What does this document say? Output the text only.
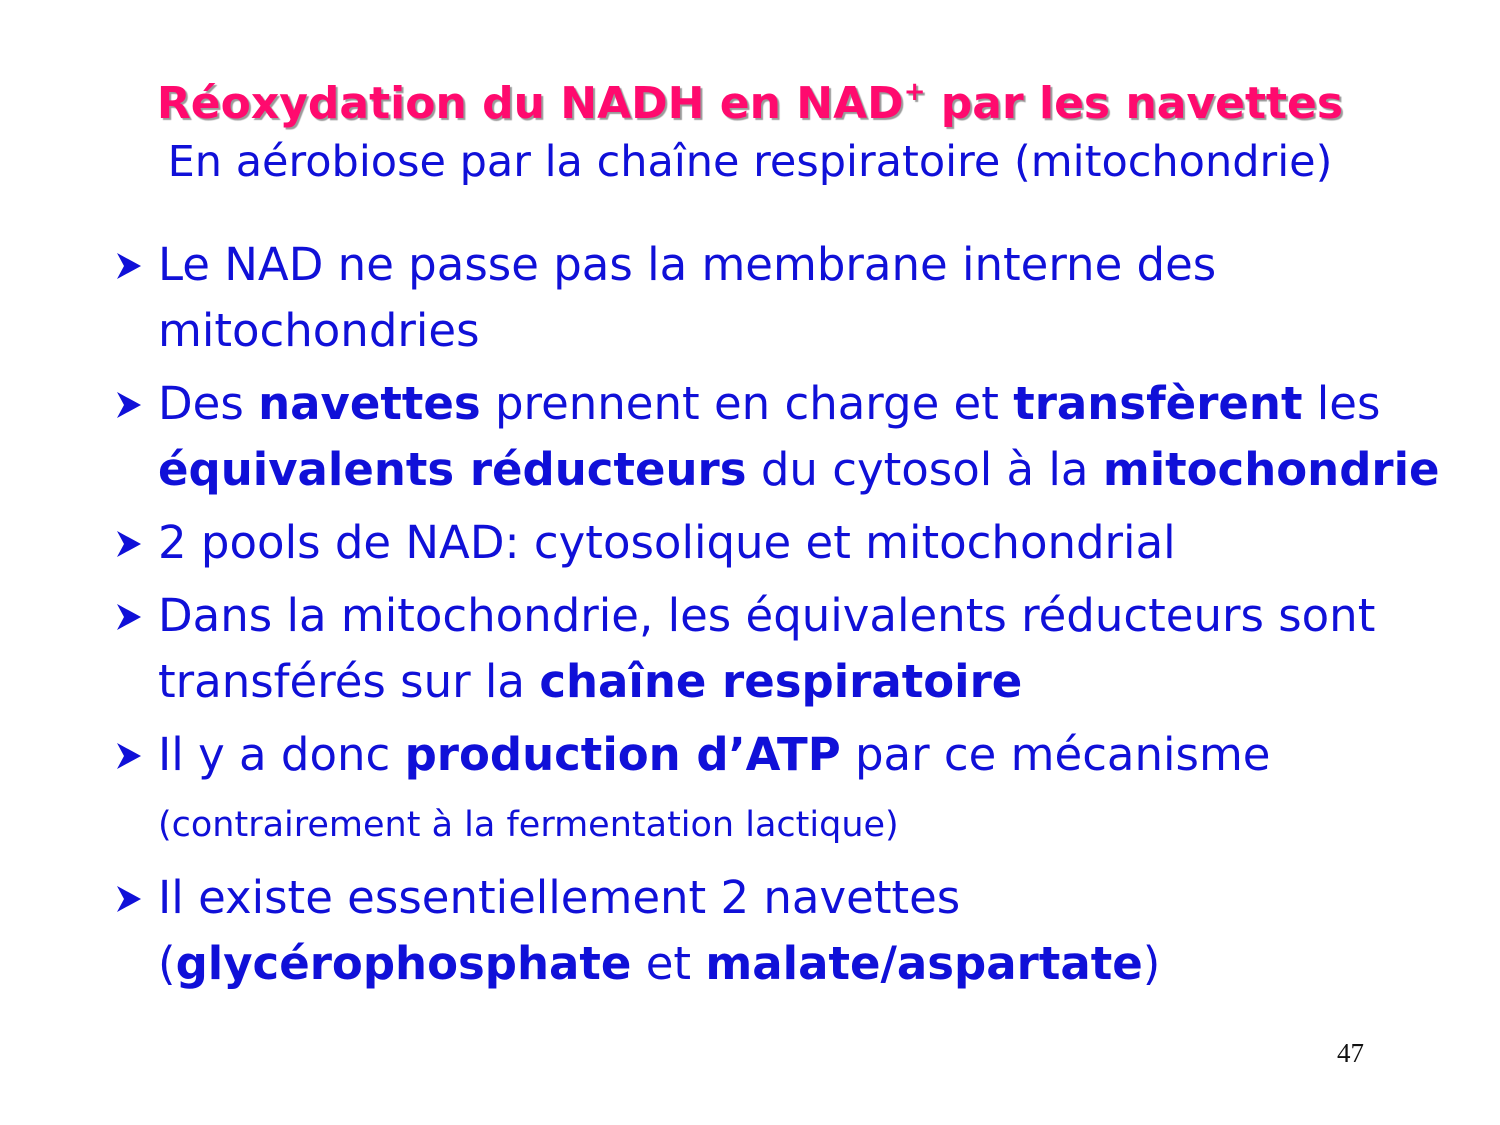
Réoxydation du NADH en NAD+ par les navettes
En aérobiose par la chaîne respiratoire (mitochondrie)
Le NAD ne passe pas la membrane interne des mitochondries
Des navettes prennent en charge et transfèrent les équivalents réducteurs du cytosol à la mitochondrie
2 pools de NAD: cytosolique et mitochondrial
Dans la mitochondrie, les équivalents réducteurs sont transférés sur la chaîne respiratoire
Il y a donc production d’ATP par ce mécanisme (contrairement à la fermentation lactique)
Il existe essentiellement 2 navettes (glycérophosphate et malate/aspartate)
47
